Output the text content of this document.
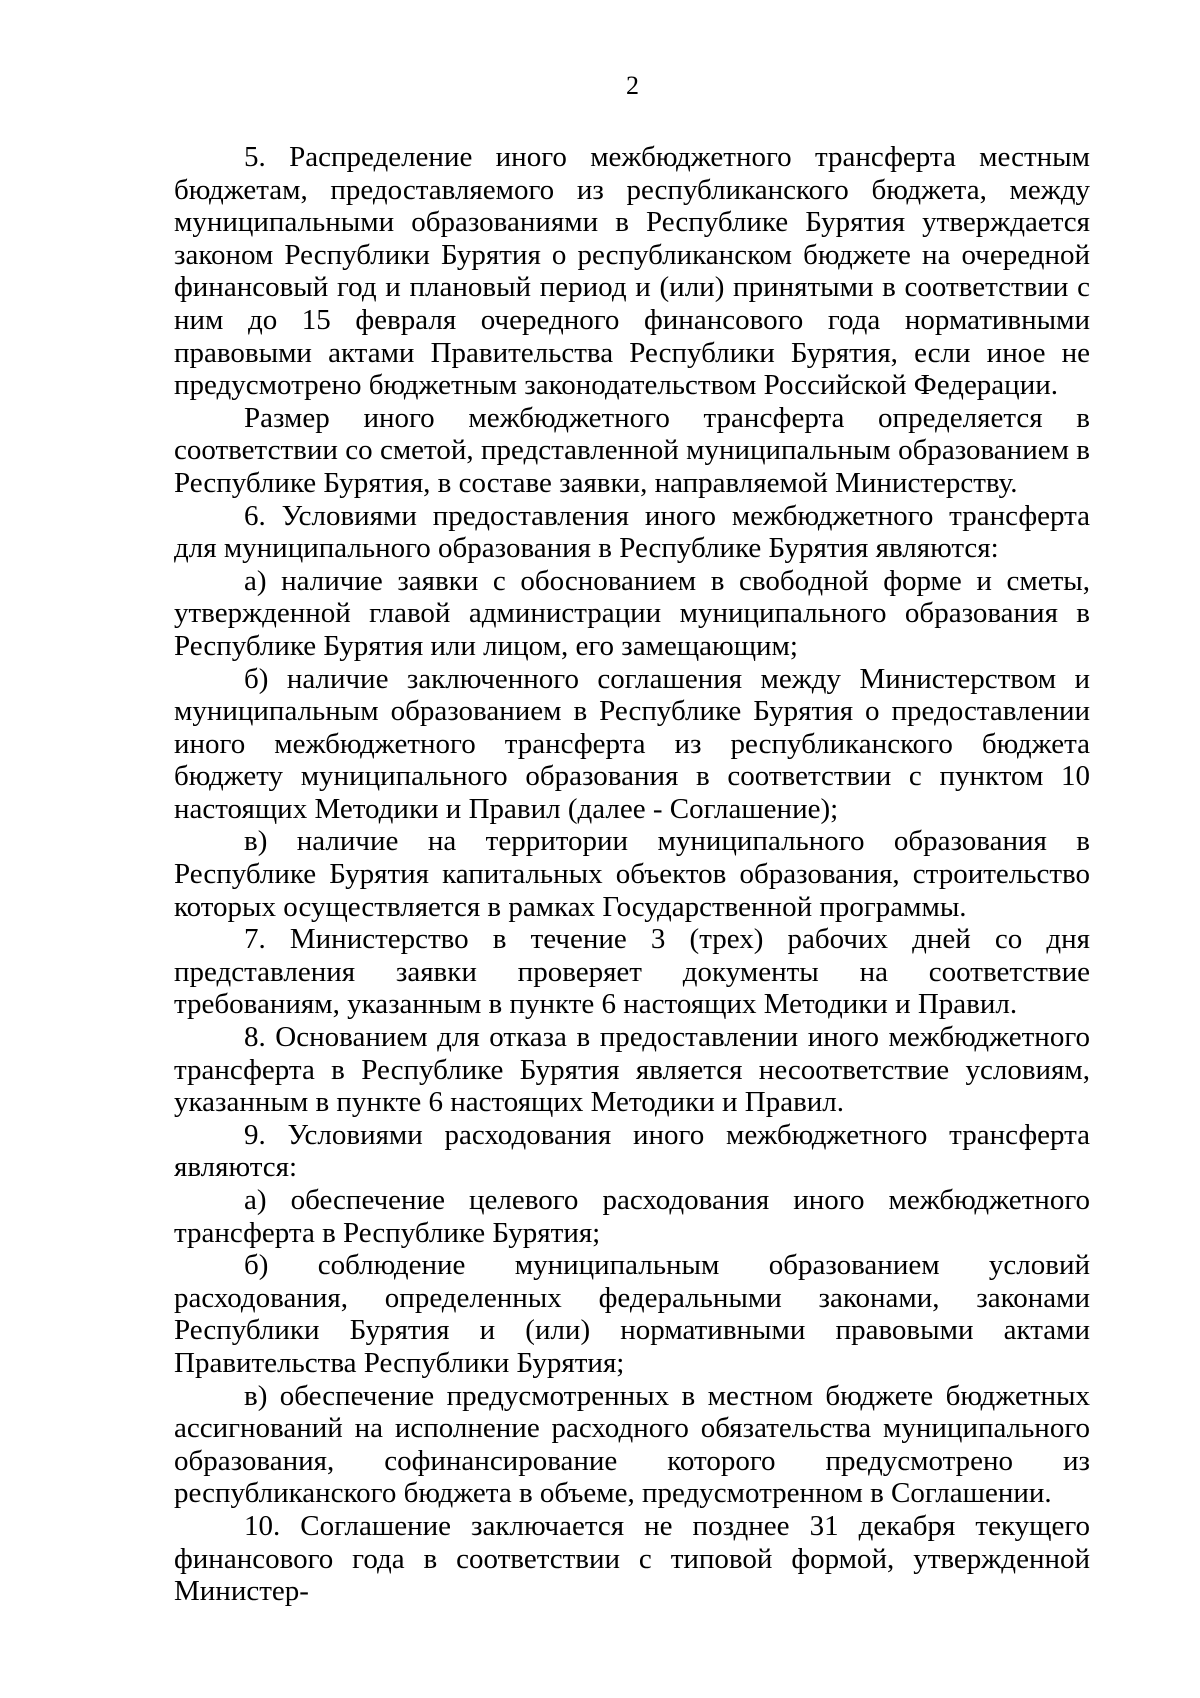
2

5. Распределение иного межбюджетного трансферта местным бюджетам, предоставляемого из республиканского бюджета, между муниципальными образованиями в Республике Бурятия утверждается законом Республики Бурятия о республиканском бюджете на очередной финансовый год и плановый период и (или) принятыми в соответствии с ним до 15 февраля очередного финансового года нормативными правовыми актами Правительства Республики Бурятия, если иное не предусмотрено бюджетным законодательством Российской Федерации.

Размер иного межбюджетного трансферта определяется в соответствии со сметой, представленной муниципальным образованием в Республике Бурятия, в составе заявки, направляемой Министерству.

6. Условиями предоставления иного межбюджетного трансферта для муниципального образования в Республике Бурятия являются:

а) наличие заявки с обоснованием в свободной форме и сметы, утвержденной главой администрации муниципального образования в Республике Бурятия или лицом, его замещающим;

б) наличие заключенного соглашения между Министерством и муниципальным образованием в Республике Бурятия о предоставлении иного межбюджетного трансферта из республиканского бюджета бюджету муниципального образования в соответствии с пунктом 10 настоящих Методики и Правил (далее - Соглашение);

в) наличие на территории муниципального образования в Республике Бурятия капитальных объектов образования, строительство которых осуществляется в рамках Государственной программы.

7. Министерство в течение 3 (трех) рабочих дней со дня представления заявки проверяет документы на соответствие требованиям, указанным в пункте 6 настоящих Методики и Правил.

8. Основанием для отказа в предоставлении иного межбюджетного трансферта в Республике Бурятия является несоответствие условиям, указанным в пункте 6 настоящих Методики и Правил.

9. Условиями расходования иного межбюджетного трансферта являются:

а) обеспечение целевого расходования иного межбюджетного трансферта в Республике Бурятия;

б) соблюдение муниципальным образованием условий расходования, определенных федеральными законами, законами Республики Бурятия и (или) нормативными правовыми актами Правительства Республики Бурятия;

в) обеспечение предусмотренных в местном бюджете бюджетных ассигнований на исполнение расходного обязательства муниципального образования, софинансирование которого предусмотрено из республиканского бюджета в объеме, предусмотренном в Соглашении.

10. Соглашение заключается не позднее 31 декабря текущего финансового года в соответствии с типовой формой, утвержденной Министер-
